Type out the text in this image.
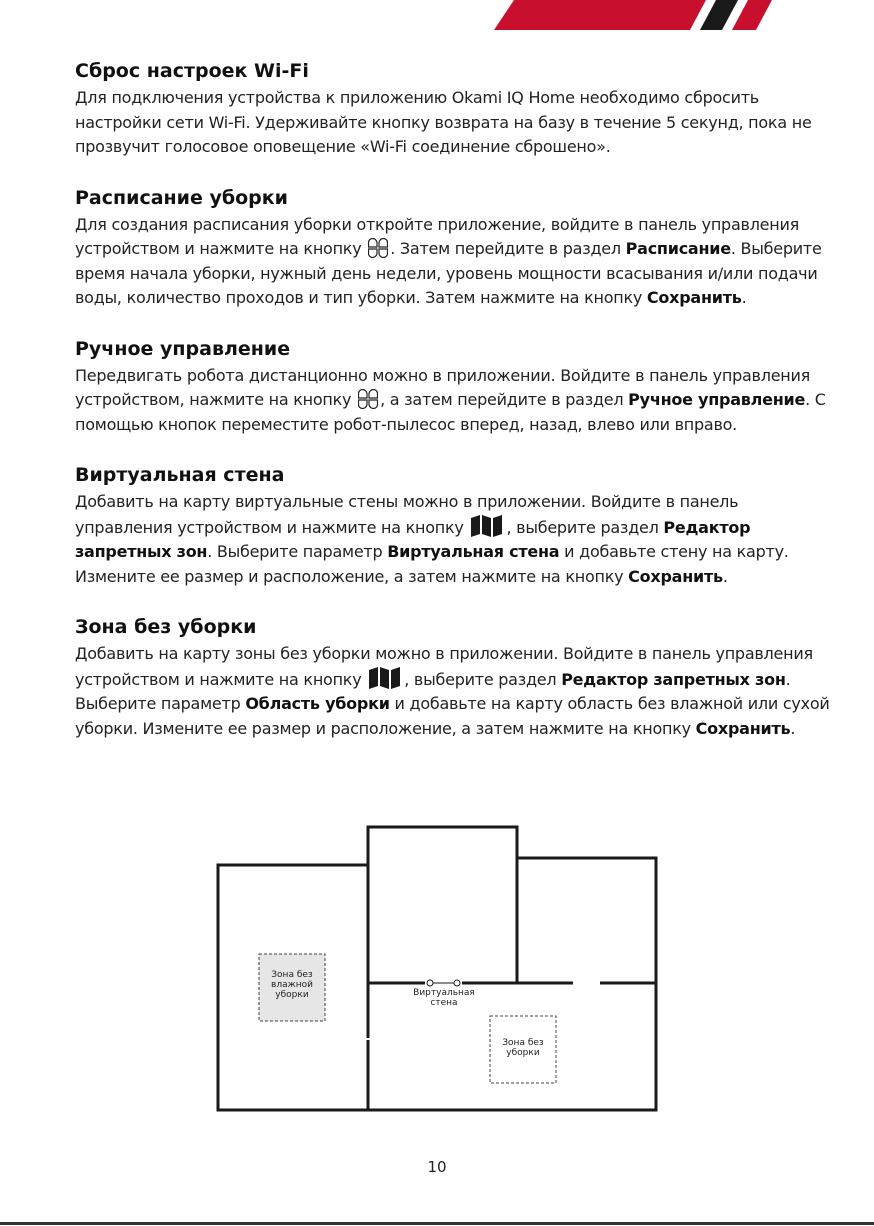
Сброс настроек Wi-Fi

Для подключения устройства к приложению Okami IQ Home необходимо сбросить настройки сети Wi-Fi. Удерживайте кнопку возврата на базу в течение 5 секунд, пока не прозвучит голосовое оповещение «Wi-Fi соединение сброшено».

Расписание уборки

Для создания расписания уборки откройте приложение, войдите в панель управления устройством и нажмите на кнопку . Затем перейдите в раздел Расписание. Выберите время начала уборки, нужный день недели, уровень мощности всасывания и/или подачи воды, количество проходов и тип уборки. Затем нажмите на кнопку Сохранить.

Ручное управление

Передвигать робота дистанционно можно в приложении. Войдите в панель управления устройством, нажмите на кнопку , а затем перейдите в раздел Ручное управление. С помощью кнопок переместите робот-пылесос вперед, назад, влево или вправо.

Виртуальная стена

Добавить на карту виртуальные стены можно в приложении. Войдите в панель управления устройством и нажмите на кнопку , выберите раздел Редактор запретных зон. Выберите параметр Виртуальная стена и добавьте стену на карту. Измените ее размер и расположение, а затем нажмите на кнопку Сохранить.

Зона без уборки

Добавить на карту зоны без уборки можно в приложении. Войдите в панель управления устройством и нажмите на кнопку , выберите раздел Редактор запретных зон. Выберите параметр Область уборки и добавьте на карту область без влажной или сухой уборки. Измените ее размер и расположение, а затем нажмите на кнопку Сохранить.

Зона без
влажной
уборки	Виртуальная
стена
Зона без
уборки
10
